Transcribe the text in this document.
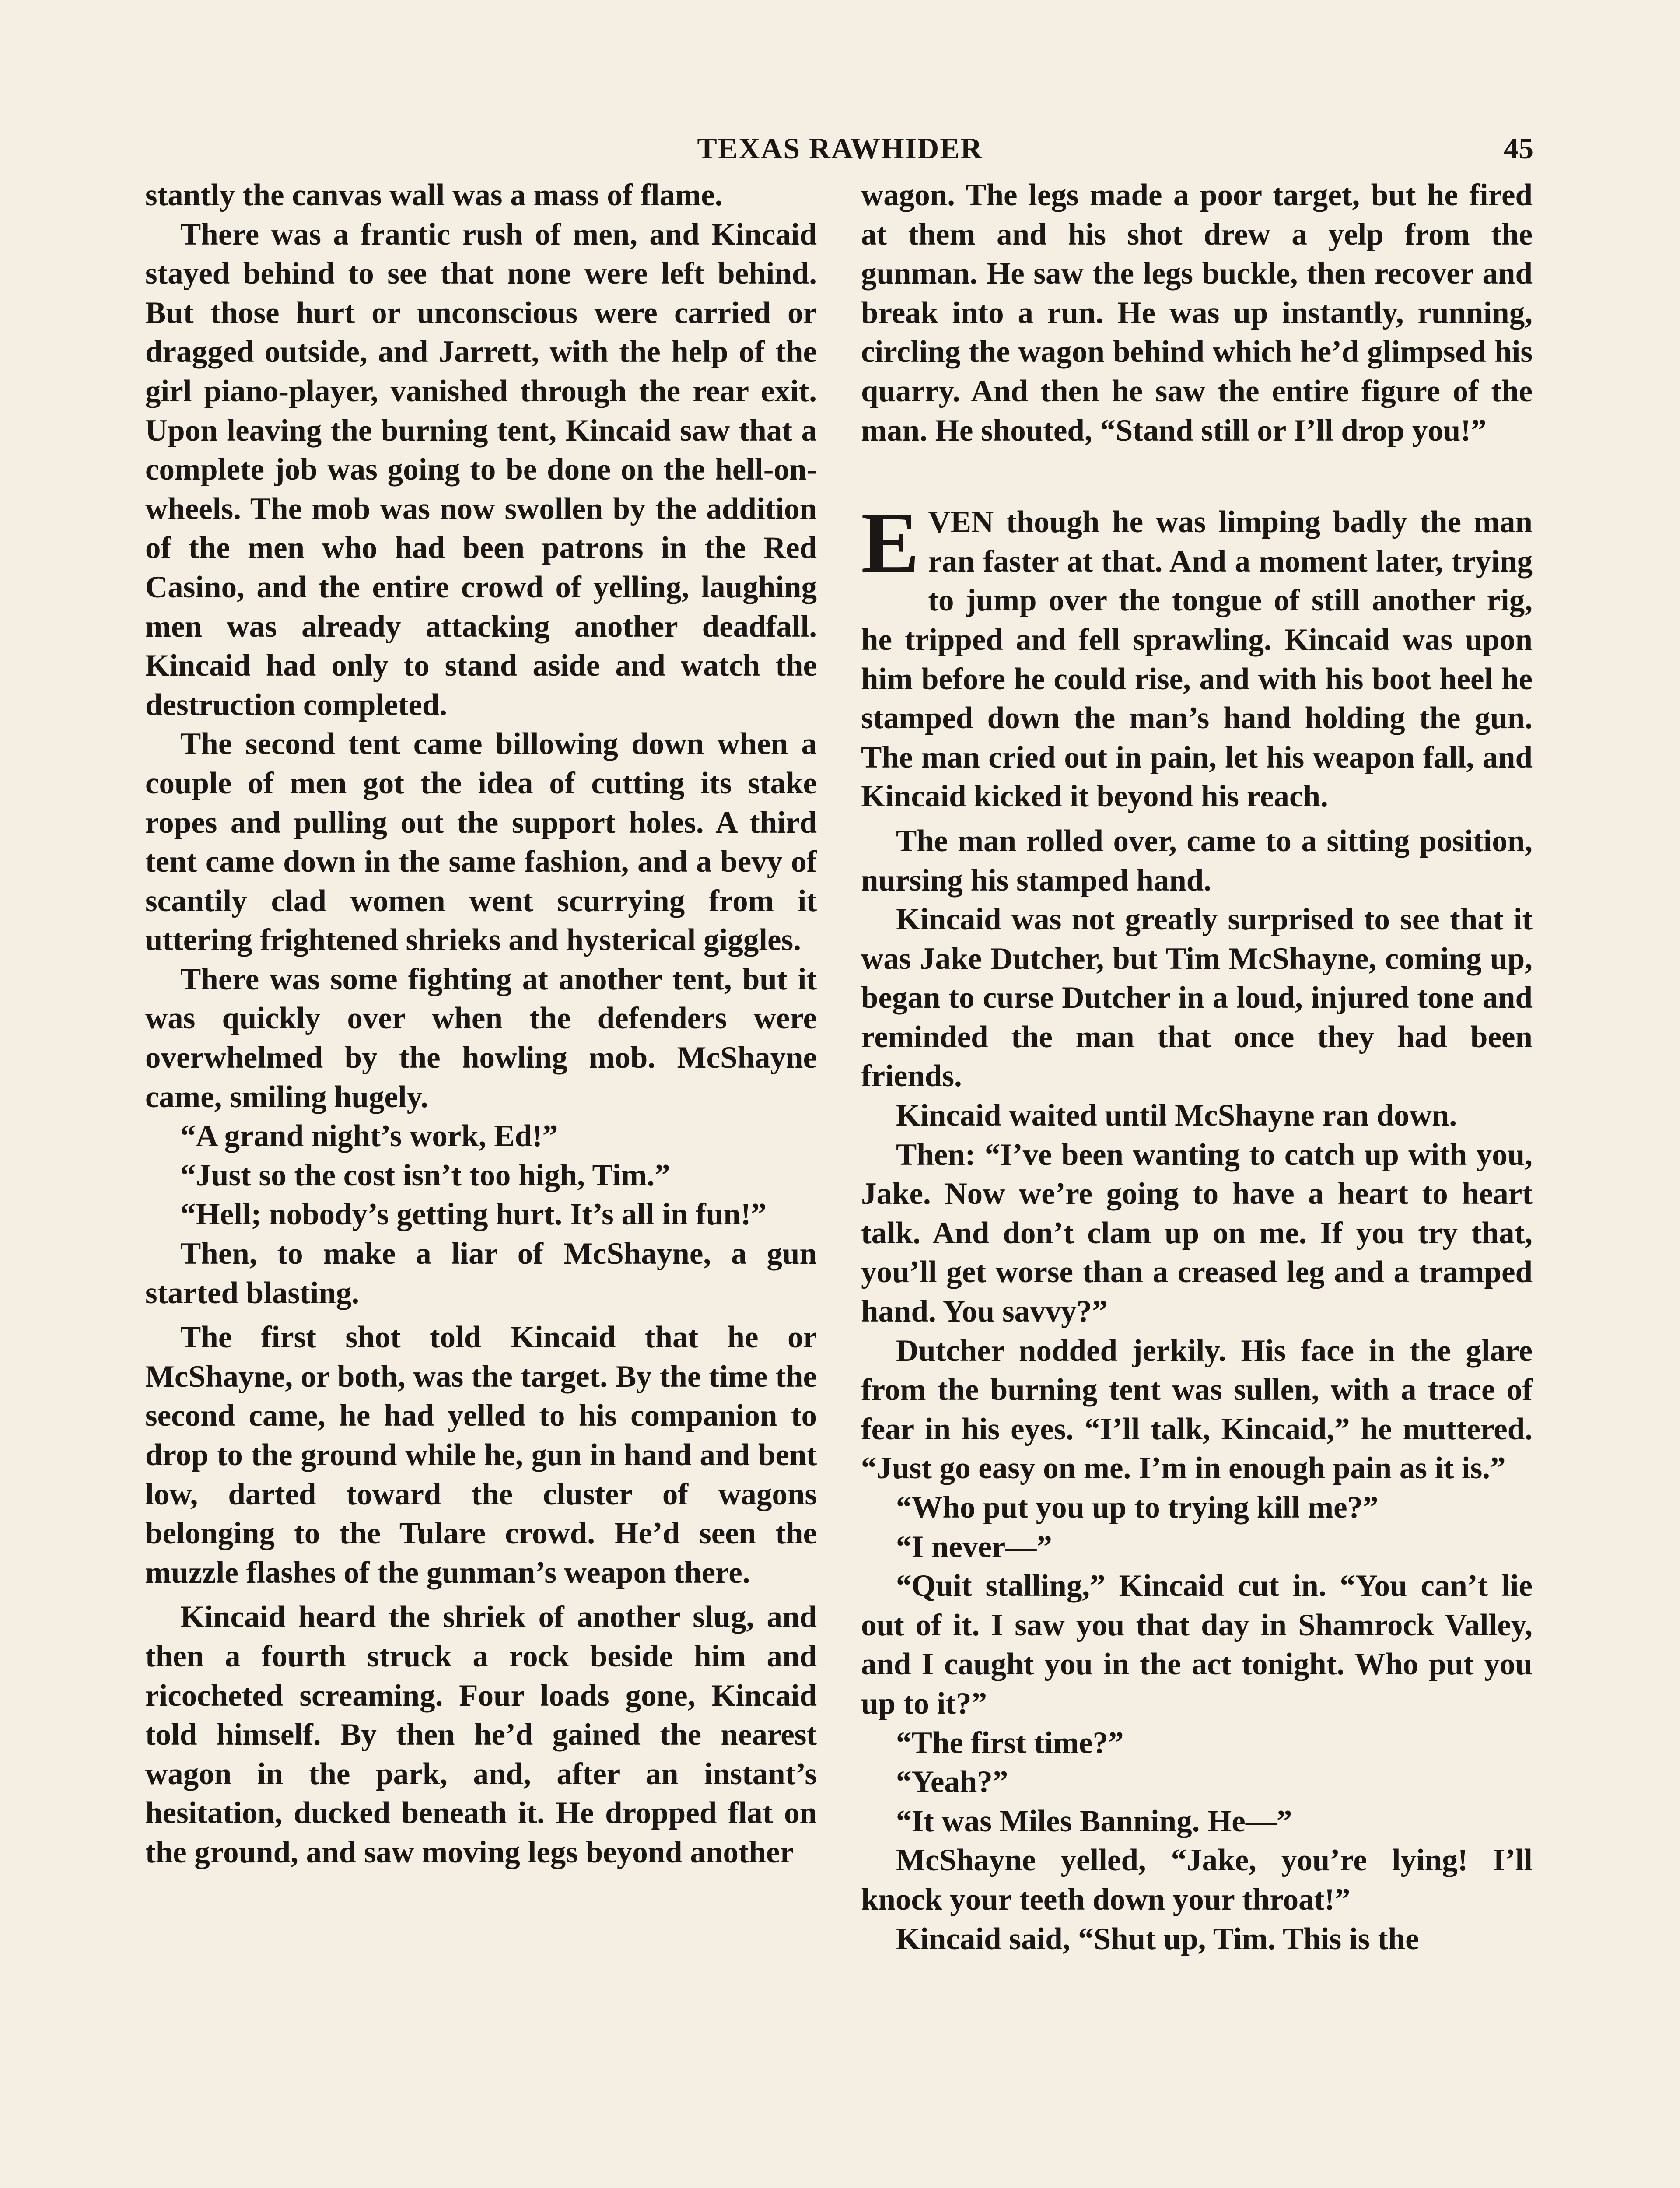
TEXAS RAWHIDER	45

stantly the canvas wall was a mass of flame.

There was a frantic rush of men, and Kincaid stayed behind to see that none were left behind. But those hurt or unconscious were carried or dragged outside, and Jarrett, with the help of the girl piano-player, vanished through the rear exit. Upon leaving the burning tent, Kincaid saw that a complete job was going to be done on the hell-on-wheels. The mob was now swollen by the addition of the men who had been patrons in the Red Casino, and the entire crowd of yelling, laughing men was already attacking another deadfall. Kincaid had only to stand aside and watch the destruction completed.

The second tent came billowing down when a couple of men got the idea of cutting its stake ropes and pulling out the support holes. A third tent came down in the same fashion, and a bevy of scantily clad women went scurrying from it uttering frightened shrieks and hysterical giggles.

There was some fighting at another tent, but it was quickly over when the defenders were overwhelmed by the howling mob. McShayne came, smiling hugely.

“A grand night’s work, Ed!”

“Just so the cost isn’t too high, Tim.”

“Hell; nobody’s getting hurt. It’s all in fun!”

Then, to make a liar of McShayne, a gun started blasting.

The first shot told Kincaid that he or McShayne, or both, was the target. By the time the second came, he had yelled to his companion to drop to the ground while he, gun in hand and bent low, darted toward the cluster of wagons belonging to the Tulare crowd. He’d seen the muzzle flashes of the gunman’s weapon there.

Kincaid heard the shriek of another slug, and then a fourth struck a rock beside him and ricocheted screaming. Four loads gone, Kincaid told himself. By then he’d gained the nearest wagon in the park, and, after an instant’s hesitation, ducked beneath it. He dropped flat on the ground, and saw moving legs beyond another

wagon. The legs made a poor target, but he fired at them and his shot drew a yelp from the gunman. He saw the legs buckle, then recover and break into a run. He was up instantly, running, circling the wagon behind which he’d glimpsed his quarry. And then he saw the entire figure of the man. He shouted, “Stand still or I’ll drop you!”

EVEN though he was limping badly the man ran faster at that. And a moment later, trying to jump over the tongue of still another rig, he tripped and fell sprawling. Kincaid was upon him before he could rise, and with his boot heel he stamped down the man’s hand holding the gun. The man cried out in pain, let his weapon fall, and Kincaid kicked it beyond his reach.

The man rolled over, came to a sitting position, nursing his stamped hand.

Kincaid was not greatly surprised to see that it was Jake Dutcher, but Tim McShayne, coming up, began to curse Dutcher in a loud, injured tone and reminded the man that once they had been friends.

Kincaid waited until McShayne ran down.

Then: “I’ve been wanting to catch up with you, Jake. Now we’re going to have a heart to heart talk. And don’t clam up on me. If you try that, you’ll get worse than a creased leg and a tramped hand. You savvy?”

Dutcher nodded jerkily. His face in the glare from the burning tent was sullen, with a trace of fear in his eyes. “I’ll talk, Kincaid,” he muttered. “Just go easy on me. I’m in enough pain as it is.”

“Who put you up to trying kill me?”

“I never—”

“Quit stalling,” Kincaid cut in. “You can’t lie out of it. I saw you that day in Shamrock Valley, and I caught you in the act tonight. Who put you up to it?”

“The first time?”

“Yeah?”

“It was Miles Banning. He—”

McShayne yelled, “Jake, you’re lying! I’ll knock your teeth down your throat!”

Kincaid said, “Shut up, Tim. This is the
